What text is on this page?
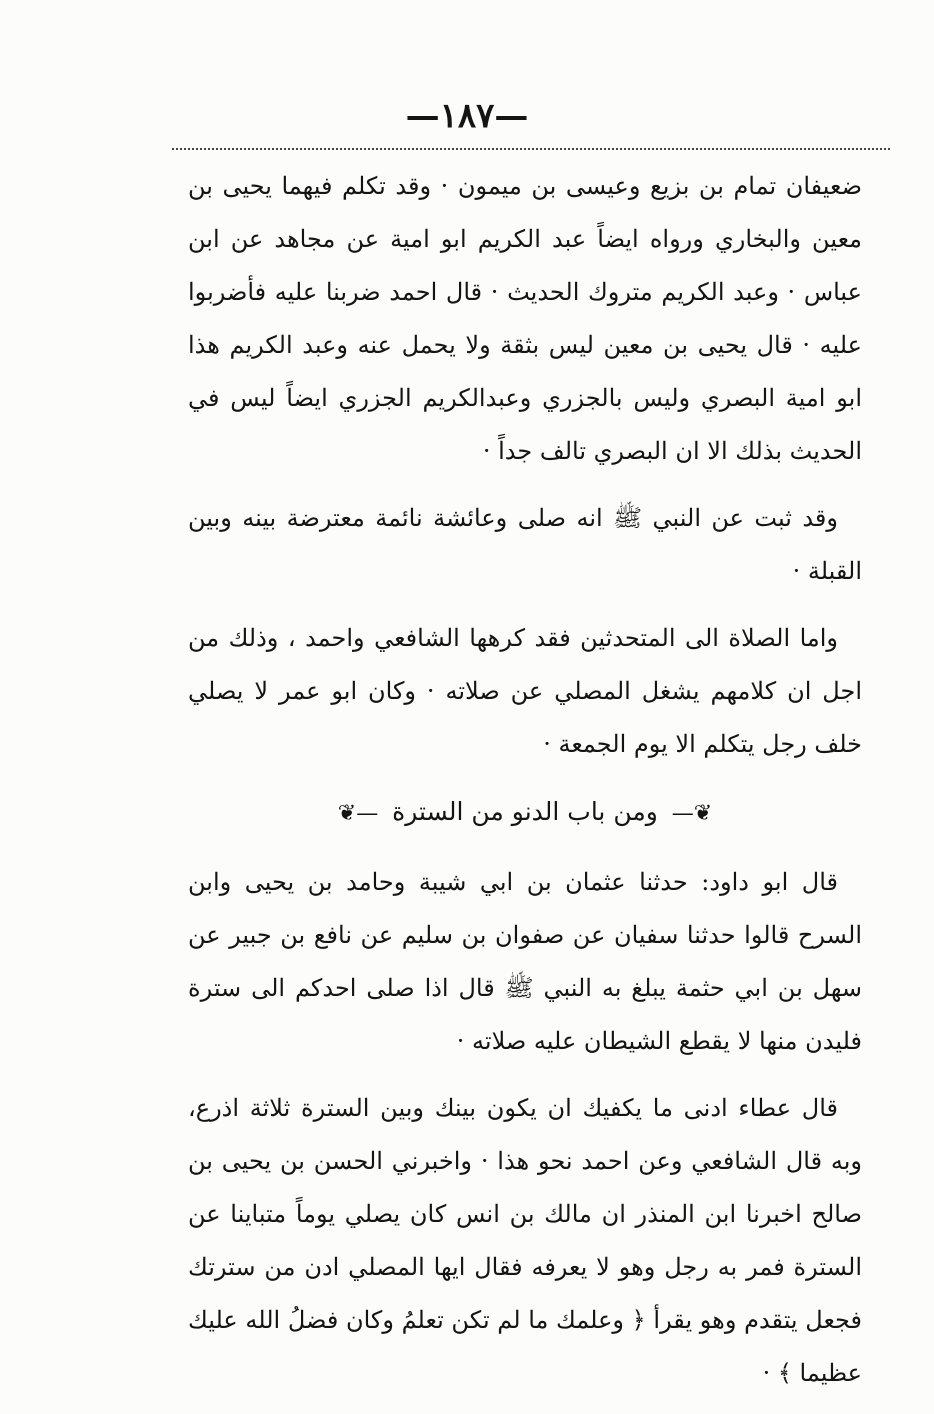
—١٨٧—

ضعيفان تمام بن بزيع وعيسى بن ميمون · وقد تكلم فيهما يحيى بن معين والبخاري ورواه ايضاً عبد الكريم ابو امية عن مجاهد عن ابن عباس · وعبد الكريم متروك الحديث · قال احمد ضربنا عليه فأضربوا عليه · قال يحيى بن معين ليس بثقة ولا يحمل عنه وعبد الكريم هذا ابو امية البصري وليس بالجزري وعبدالكريم الجزري ايضاً ليس في الحديث بذلك الا ان البصري تالف جداً ·

وقد ثبت عن النبي ﷺ انه صلى وعائشة نائمة معترضة بينه وبين القبلة ·

واما الصلاة الى المتحدثين فقد كرهها الشافعي واحمد ، وذلك من اجل ان كلامهم يشغل المصلي عن صلاته · وكان ابو عمر لا يصلي خلف رجل يتكلم الا يوم الجمعة ·

❦— ومن باب الدنو من السترة —❦

قال ابو داود: حدثنا عثمان بن ابي شيبة وحامد بن يحيى وابن السرح قالوا حدثنا سفيان عن صفوان بن سليم عن نافع بن جبير عن سهل بن ابي حثمة يبلغ به النبي ﷺ قال اذا صلى احدكم الى سترة فليدن منها لا يقطع الشيطان عليه صلاته ·

قال عطاء ادنى ما يكفيك ان يكون بينك وبين السترة ثلاثة اذرع، وبه قال الشافعي وعن احمد نحو هذا · واخبرني الحسن بن يحيى بن صالح اخبرنا ابن المنذر ان مالك بن انس كان يصلي يوماً متباينا عن السترة فمر به رجل وهو لا يعرفه فقال ايها المصلي ادن من سترتك فجعل يتقدم وهو يقرأ ﴿ وعلمك ما لم تكن تعلمُ وكان فضلُ الله عليك عظيما ﴾ ·
